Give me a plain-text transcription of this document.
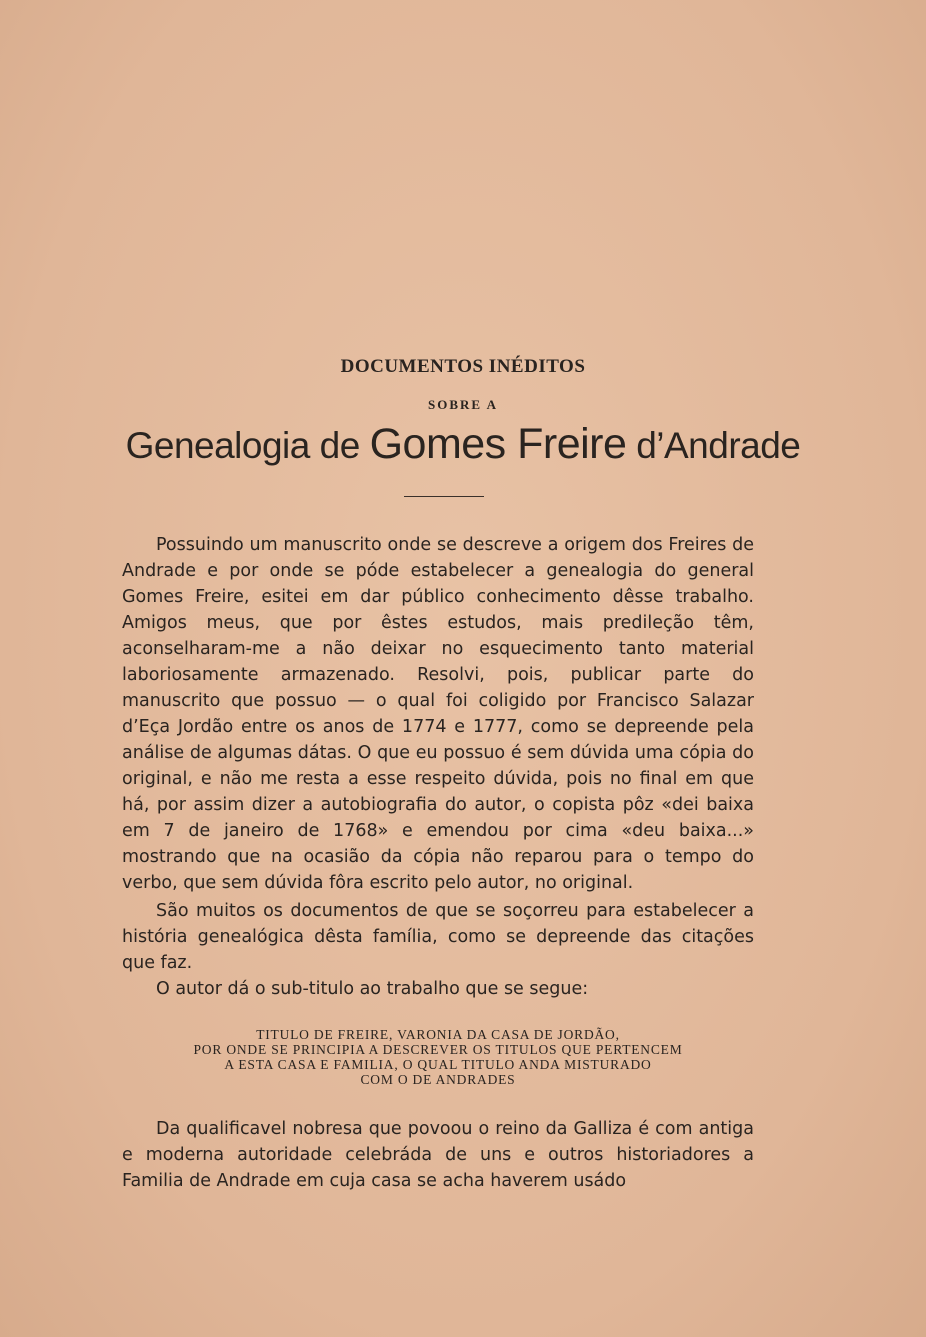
DOCUMENTOS INÉDITOS
SOBRE A
Genealogia de Gomes Freire d’Andrade

Possuindo um manuscrito onde se descreve a origem dos Freires de Andrade e por onde se póde estabelecer a genealogia do general Gomes Freire, esitei em dar público conhecimento dêsse trabalho. Amigos meus, que por êstes estudos, mais predileção têm, aconselharam-me a não deixar no esquecimento tanto material laboriosamente armazenado. Resolvi, pois, publicar parte do manuscrito que possuo — o qual foi coligido por Francisco Salazar d’Eça Jordão entre os anos de 1774 e 1777, como se depreende pela análise de algumas dátas. O que eu possuo é sem dúvida uma cópia do original, e não me resta a esse respeito dúvida, pois no final em que há, por assim dizer a autobiografia do autor, o copista pôz «dei baixa em 7 de janeiro de 1768» e emendou por cima «deu baixa...» mostrando que na ocasião da cópia não reparou para o tempo do verbo, que sem dúvida fôra escrito pelo autor, no original.

São muitos os documentos de que se soçorreu para estabelecer a história genealógica dêsta família, como se depreende das citações que faz.

O autor dá o sub-titulo ao trabalho que se segue:

TITULO DE FREIRE, VARONIA DA CASA DE JORDÃO,
POR ONDE SE PRINCIPIA A DESCREVER OS TITULOS QUE PERTENCEM
A ESTA CASA E FAMILIA, O QUAL TITULO ANDA MISTURADO
COM O DE ANDRADES

Da qualificavel nobresa que povoou o reino da Galliza é com antiga e moderna autoridade celebráda de uns e outros historiadores a Familia de Andrade em cuja casa se acha haverem usádo
